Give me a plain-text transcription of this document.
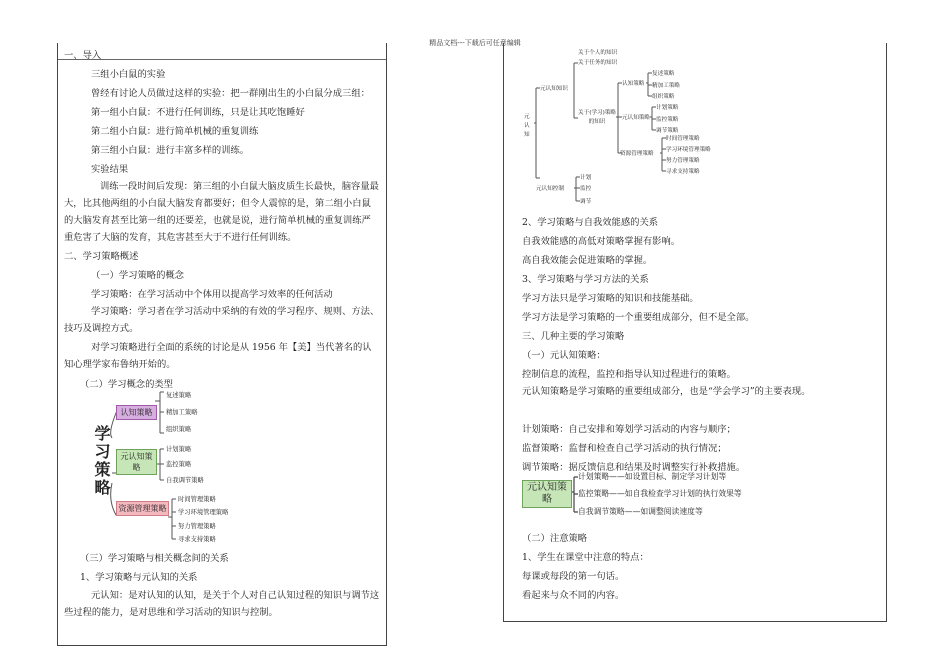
精品文档---下载后可任意编辑
一、导入
三组小白鼠的实验
曾经有讨论人员做过这样的实验：把一群刚出生的小白鼠分成三组：
第一组小白鼠：不进行任何训练，只是让其吃饱睡好
第二组小白鼠：进行简单机械的重复训练
第三组小白鼠：进行丰富多样的训练。
实验结果
训练一段时间后发现：第三组的小白鼠大脑皮质生长最快，脑容量最大，比其他两组的小白鼠大脑发育都要好；但令人震惊的是，第二组小白鼠的大脑发育甚至比第一组的还要差，也就是说，进行简单机械的重复训练严重危害了大脑的发育，其危害甚至大于不进行任何训练。
二、学习策略概述
（一）学习策略的概念
学习策略：在学习活动中个体用以提高学习效率的任何活动
学习策略：学习者在学习活动中采纳的有效的学习程序、规则、方法、技巧及调控方式。
对学习策略进行全面的系统的讨论是从 1956 年【美】当代著名的认知心理学家布鲁纳开始的。
（二）学习概念的类型
学习策略
认知策略
复述策略
精加工策略
组织策略
元认知策略
计划策略
监控策略
自我调节策略
资源管理策略
时间管理策略
学习环境管理策略
努力管理策略
寻求支持策略
（三）学习策略与相关概念间的关系
1、学习策略与元认知的关系
元认知：是对认知的认知，是关于个人对自己认知过程的知识与调节这些过程的能力，是对思维和学习活动的知识与控制。
元认知
元认知知识
关于个人的知识
关于任务的知识
关于(学习)策略的知识
认知策略
复述策略
精加工策略
组织策略
元认知策略
计划策略
监控策略
调节策略
资源管理策略
时间管理策略
学习环境管理策略
努力管理策略
寻求支持策略
元认知控制
计划
监控
调节
2、学习策略与自我效能感的关系
自我效能感的高低对策略掌握有影响。
高自我效能会促进策略的掌握。
3、学习策略与学习方法的关系
学习方法只是学习策略的知识和技能基础。
学习方法是学习策略的一个重要组成部分，但不是全部。
三、几种主要的学习策略
（一）元认知策略：
控制信息的流程，监控和指导认知过程进行的策略。
元认知策略是学习策略的重要组成部分，也是“学会学习”的主要表现。
计划策略：自己安排和筹划学习活动的内容与顺序；
监督策略：监督和检查自己学习活动的执行情况；
调节策略：据反馈信息和结果及时调整实行补救措施。
元认知策略
计划策略——如设置目标、制定学习计划等
监控策略——如自我检查学习计划的执行效果等
自我调节策略——如调整阅读速度等
（二）注意策略
1、学生在课堂中注意的特点：
每课或每段的第一句话。
看起来与众不同的内容。
